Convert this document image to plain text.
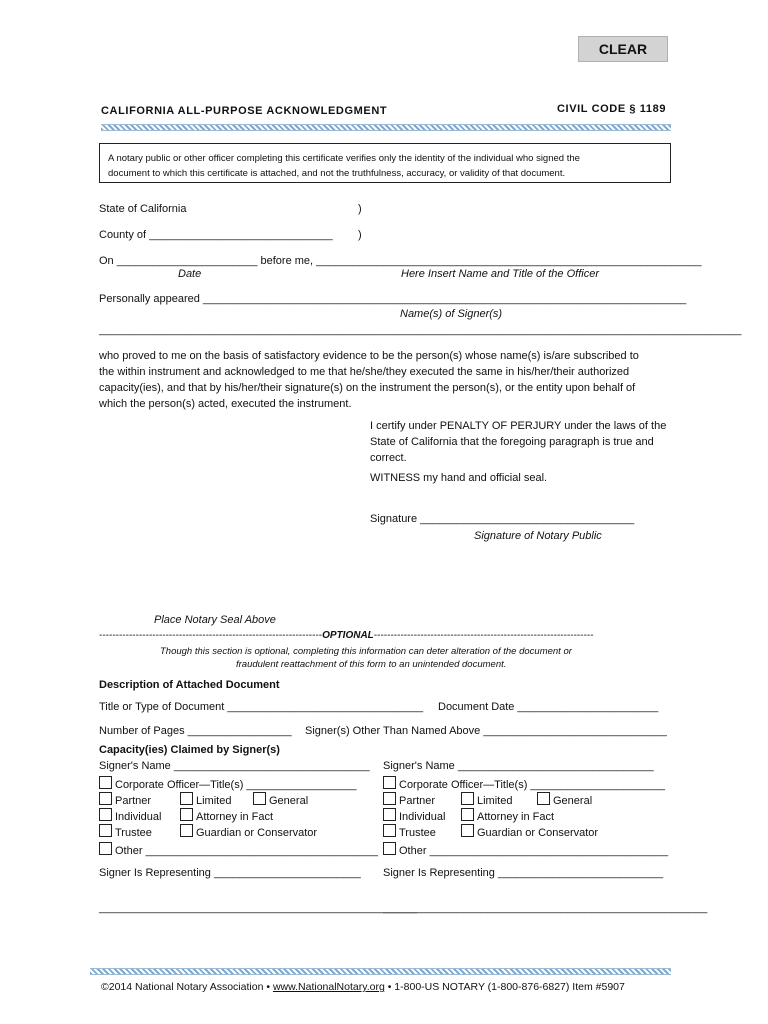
CLEAR
CALIFORNIA ALL-PURPOSE ACKNOWLEDGMENT	CIVIL CODE § 1189
A notary public or other officer completing this certificate verifies only the identity of the individual who signed the
document to which this certificate is attached, and not the truthfulness, accuracy, or validity of that document.
State of California	)
County of ______________________________ )
On _______________________ before me, _______________________________________________________________
Date	Here Insert Name and Title of the Officer
Personally appeared _______________________________________________________________________________
Name(s) of Signer(s)
_________________________________________________________________________________________________________
who proved to me on the basis of satisfactory evidence to be the person(s) whose name(s) is/are subscribed to
the within instrument and acknowledged to me that he/she/they executed the same in his/her/their authorized
capacity(ies), and that by his/her/their signature(s) on the instrument the person(s), or the entity upon behalf of
which the person(s) acted, executed the instrument.
I certify under PENALTY OF PERJURY under the laws of the
State of California that the foregoing paragraph is true and
correct.
WITNESS my hand and official seal.
Signature ___________________________________
Signature of Notary Public
Place Notary Seal Above
-------------------------------------------------------------------OPTIONAL------------------------------------------------------------------
Though this section is optional, completing this information can deter alteration of the document or
fraudulent reattachment of this form to an unintended document.
Description of Attached Document
Title or Type of Document ________________________________ Document Date _______________________
Number of Pages _________________ Signer(s) Other Than Named Above ______________________________
Capacity(ies) Claimed by Signer(s)
Signer's Name ________________________________
Corporate Officer—Title(s) __________________
Partner	Limited	General
Individual	Attorney in Fact
Trustee	Guardian or Conservator
Other ______________________________________
Signer Is Representing ________________________
____________________________________________________
Signer's Name ________________________________
Corporate Officer—Title(s) ______________________
Partner	Limited	General
Individual	Attorney in Fact
Trustee	Guardian or Conservator
Other _______________________________________
Signer Is Representing ___________________________
_____________________________________________________
©2014 National Notary Association • www.NationalNotary.org • 1-800-US NOTARY (1-800-876-6827) Item #5907
